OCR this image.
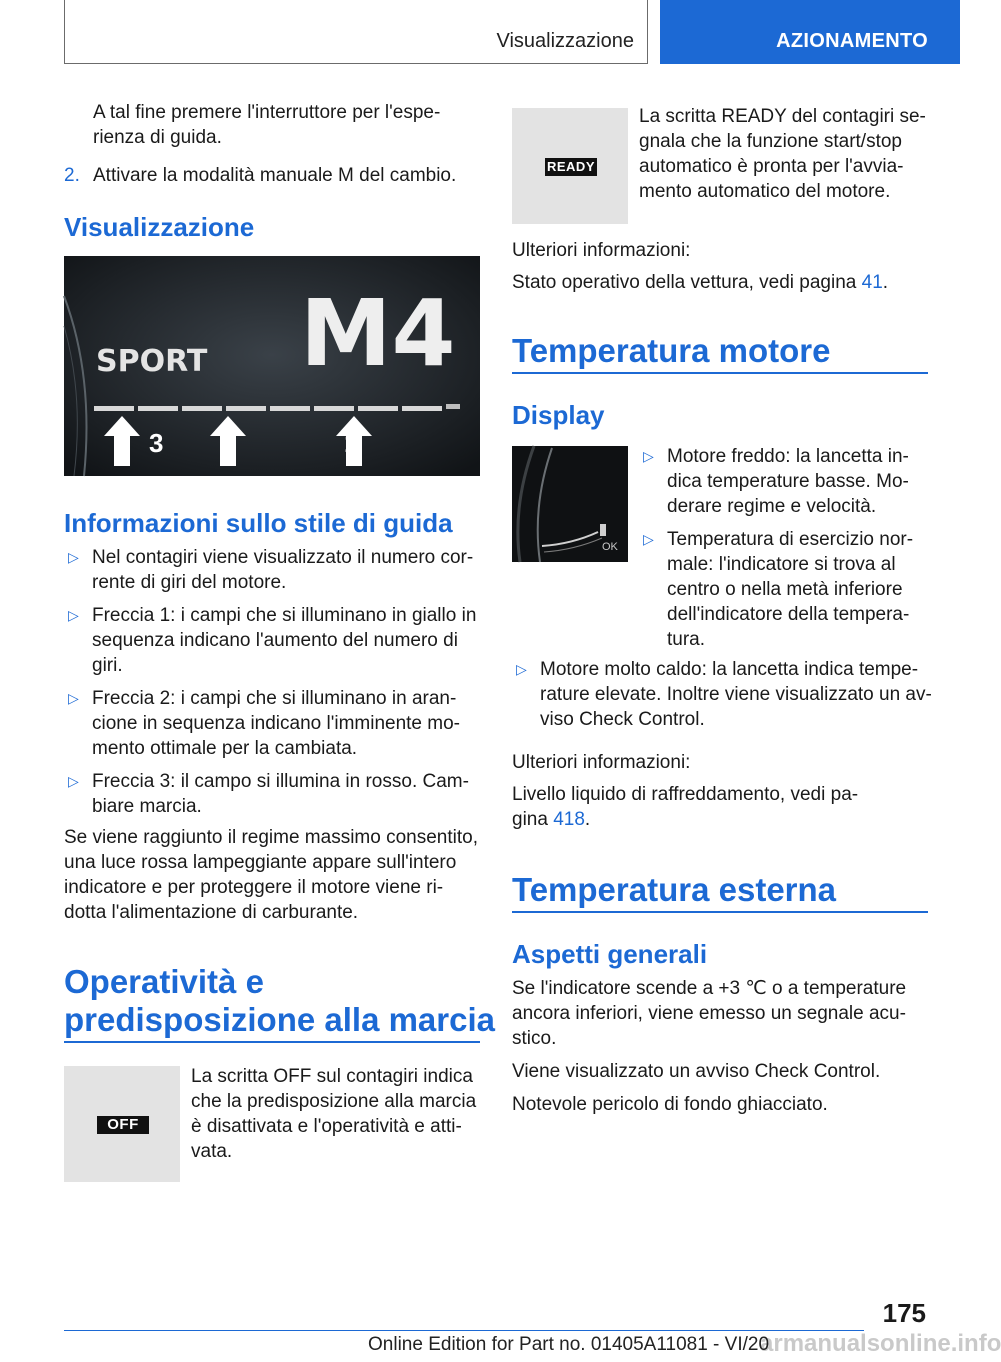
Visualizzazione	AZIONAMENTO

A tal fine premere l'interruttore per l'espe-

rienza di guida.

2. Attivare la modalità manuale M del cambio.

Visualizzazione
SPORT M4
3 2	1
Informazioni sullo stile di guida
▷ Nel contagiri viene visualizzato il numero cor-

rente di giri del motore.

▷ Freccia 1: i campi che si illuminano in giallo in

sequenza indicano l'aumento del numero di

giri.

▷ Freccia 2: i campi che si illuminano in aran-

cione in sequenza indicano l'imminente mo-

mento ottimale per la cambiata.

▷ Freccia 3: il campo si illumina in rosso. Cam-

biare marcia.

Se viene raggiunto il regime massimo consentito,

una luce rossa lampeggiante appare sull'intero

indicatore e per proteggere il motore viene ri-

dotta l'alimentazione di carburante.

Operatività e
predisposizione alla marcia
OFF

La scritta OFF sul contagiri indica

che la predisposizione alla marcia

è disattivata e l'operatività e atti-

vata.

READY

La scritta READY del contagiri se-

gnala che la funzione start/stop

automatico è pronta per l'avvia-

mento automatico del motore.

Ulteriori informazioni:

Stato operativo della vettura, vedi pagina 41.

Temperatura motore
Display
OK
▷ Motore freddo: la lancetta in-

dica temperature basse. Mo-

derare regime e velocità.

▷ Temperatura di esercizio nor-

male: l'indicatore si trova al

centro o nella metà inferiore

dell'indicatore della tempera-

tura.

▷ Motore molto caldo: la lancetta indica tempe-

rature elevate. Inoltre viene visualizzato un av-

viso Check Control.

Ulteriori informazioni:

Livello liquido di raffreddamento, vedi pa-

gina 418.

Temperatura esterna
Aspetti generali

Se l'indicatore scende a +3 ℃ o a temperature

ancora inferiori, viene emesso un segnale acu-

stico.

Viene visualizzato un avviso Check Control.

Notevole pericolo di fondo ghiacciato.

175
armanualsonline.info
Online Edition for Part no. 01405A11081 - VI/20
